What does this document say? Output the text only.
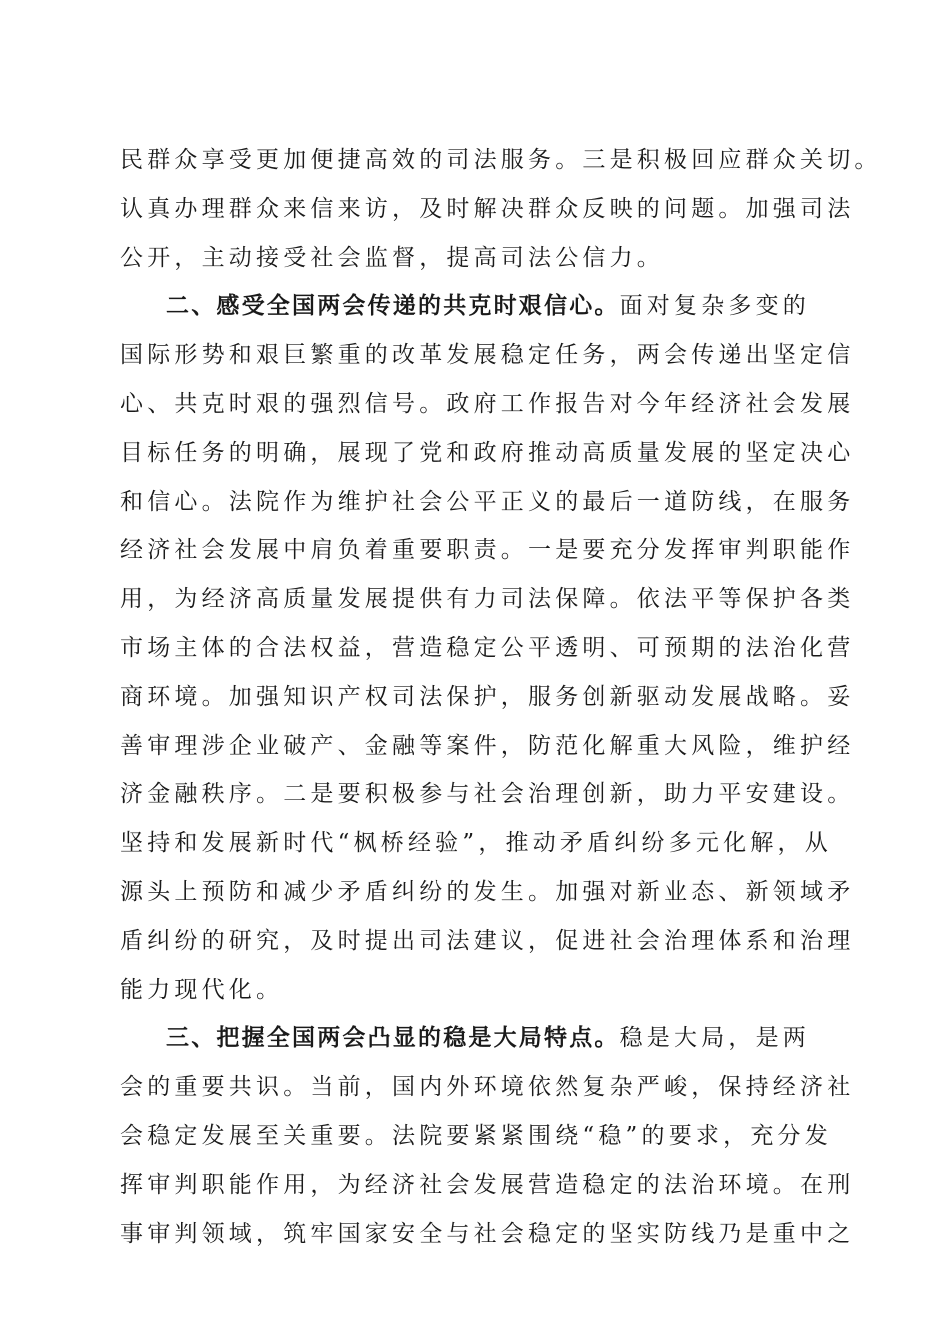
民群众享受更加便捷高效的司法服务。三是积极回应群众关切。
认真办理群众来信来访，及时解决群众反映的问题。加强司法
公开，主动接受社会监督，提高司法公信力。
二、感受全国两会传递的共克时艰信心。面对复杂多变的
国际形势和艰巨繁重的改革发展稳定任务，两会传递出坚定信
心、共克时艰的强烈信号。政府工作报告对今年经济社会发展
目标任务的明确，展现了党和政府推动高质量发展的坚定决心
和信心。法院作为维护社会公平正义的最后一道防线，在服务
经济社会发展中肩负着重要职责。一是要充分发挥审判职能作
用，为经济高质量发展提供有力司法保障。依法平等保护各类
市场主体的合法权益，营造稳定公平透明、可预期的法治化营
商环境。加强知识产权司法保护，服务创新驱动发展战略。妥
善审理涉企业破产、金融等案件，防范化解重大风险，维护经
济金融秩序。二是要积极参与社会治理创新，助力平安建设。
坚持和发展新时代“枫桥经验”，推动矛盾纠纷多元化解，从
源头上预防和减少矛盾纠纷的发生。加强对新业态、新领域矛
盾纠纷的研究，及时提出司法建议，促进社会治理体系和治理
能力现代化。
三、把握全国两会凸显的稳是大局特点。稳是大局，是两
会的重要共识。当前，国内外环境依然复杂严峻，保持经济社
会稳定发展至关重要。法院要紧紧围绕“稳”的要求，充分发
挥审判职能作用，为经济社会发展营造稳定的法治环境。在刑
事审判领域，筑牢国家安全与社会稳定的坚实防线乃是重中之
